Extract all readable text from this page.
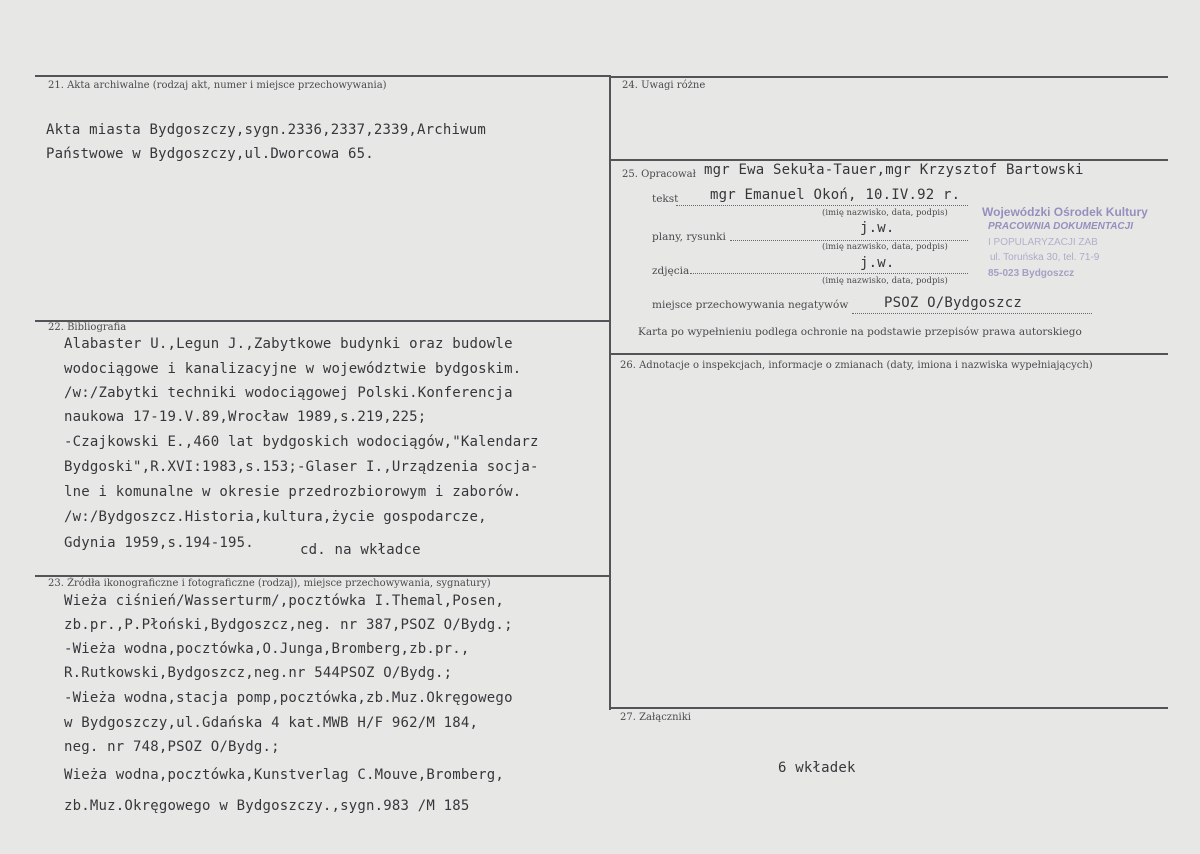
21. Akta archiwalne (rodzaj akt, numer i miejsce przechowywania)
Akta miasta Bydgoszczy,sygn.2336,2337,2339,Archiwum
Państwowe w Bydgoszczy,ul.Dworcowa 65.
22. Bibliografia
Alabaster U.,Legun J.,Zabytkowe budynki oraz budowle
wodociągowe i kanalizacyjne w województwie bydgoskim.
/w:/Zabytki techniki wodociągowej Polski.Konferencja
naukowa 17-19.V.89,Wrocław 1989,s.219,225;
-Czajkowski E.,460 lat bydgoskich wodociągów,"Kalendarz
Bydgoski",R.XVI:1983,s.153;-Glaser I.,Urządzenia socja-
lne i komunalne w okresie przedrozbiorowym i zaborów.
/w:/Bydgoszcz.Historia,kultura,życie gospodarcze,
Gdynia 1959,s.194-195.	cd. na wkładce
23. Źródła ikonograficzne i fotograficzne (rodzaj), miejsce przechowywania, sygnatury)
Wieża ciśnień/Wasserturm/,pocztówka I.Themal,Posen,
zb.pr.,P.Płoński,Bydgoszcz,neg. nr 387,PSOZ O/Bydg.;
-Wieża wodna,pocztówka,O.Junga,Bromberg,zb.pr.,
R.Rutkowski,Bydgoszcz,neg.nr 544PSOZ O/Bydg.;
-Wieża wodna,stacja pomp,pocztówka,zb.Muz.Okręgowego
w Bydgoszczy,ul.Gdańska 4 kat.MWB H/F 962/M 184,
neg. nr 748,PSOZ O/Bydg.;
Wieża wodna,pocztówka,Kunstverlag C.Mouve,Bromberg,
zb.Muz.Okręgowego w Bydgoszczy.,sygn.983 /M 185
24. Uwagi różne
25. Opracował mgr Ewa Sekuła-Tauer,mgr Krzysztof Bartowski
tekst mgr Emanuel Okoń, 10.IV.92 r.
(imię nazwisko, data, podpis)
plany, rysunki
j.w.
(imię nazwisko, data, podpis)
zdjęcia	j.w.
(imię nazwisko, data, podpis)
miejsce przechowywania negatywów	PSOZ O/Bydgoszcz
Karta po wypełnieniu podlega ochronie na podstawie przepisów prawa autorskiego
Wojewódzki Ośrodek Kultury
PRACOWNIA DOKUMENTACJI
I POPULARYZACJI ZAB
ul. Toruńska 30, tel. 71-9
85-023 Bydgoszcz
26. Adnotacje o inspekcjach, informacje o zmianach (daty, imiona i nazwiska wypełniających)
27. Załączniki
6 wkładek
